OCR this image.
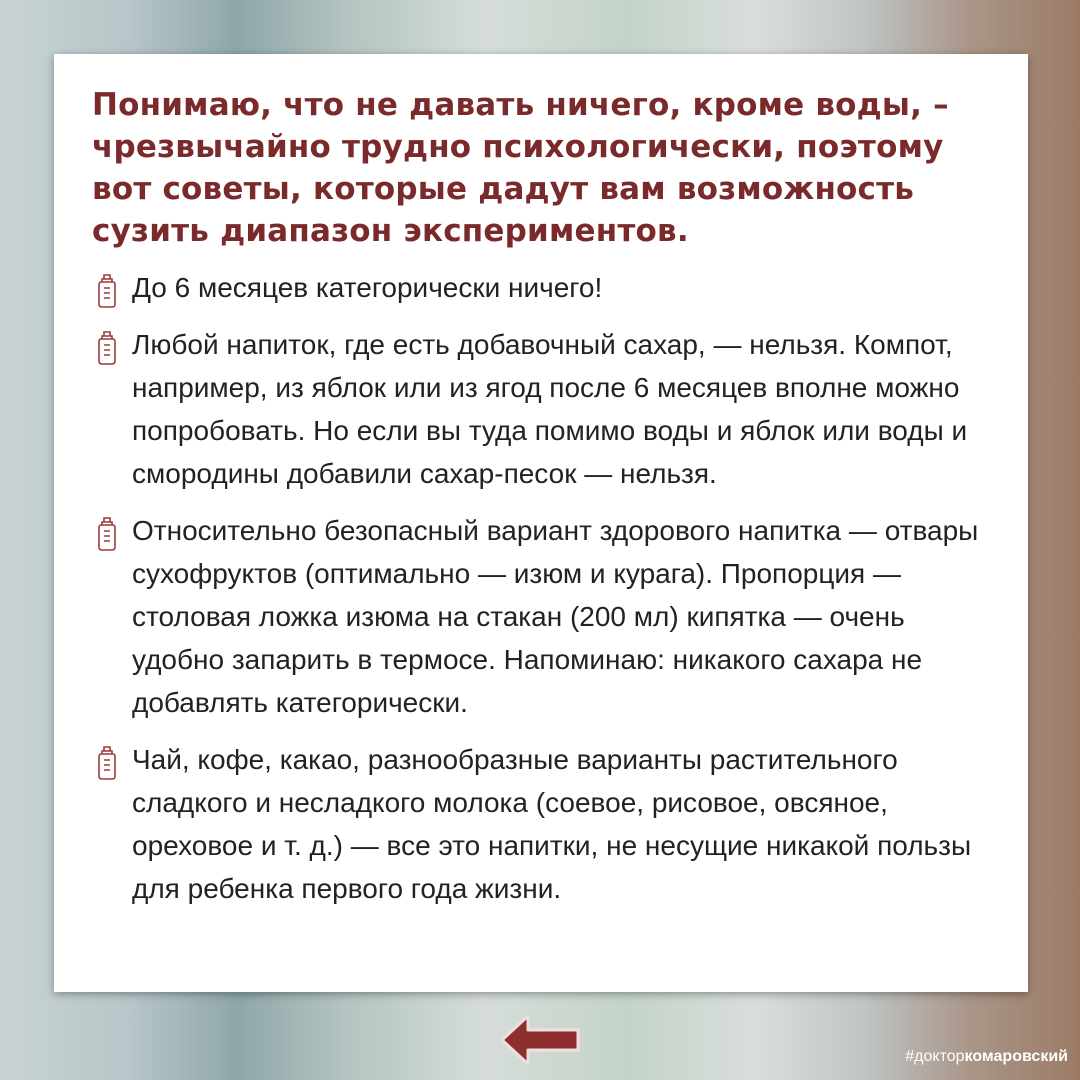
Понимаю, что не давать ничего, кроме воды, – чрезвычайно трудно психологически, поэтому вот советы, которые дадут вам возможность сузить диапазон экспериментов.
До 6 месяцев категорически ничего!
Любой напиток, где есть добавочный сахар, — нельзя. Компот, например, из яблок или из ягод после 6 месяцев вполне можно попробовать. Но если вы туда помимо воды и яблок или воды и смородины добавили сахар-песок — нельзя.
Относительно безопасный вариант здорового напитка — отвары сухофруктов (оптимально — изюм и курага). Пропорция — столовая ложка изюма на стакан (200 мл) кипятка — очень удобно запарить в термосе. Напоминаю: никакого сахара не добавлять категорически.
Чай, кофе, какао, разнообразные варианты растительного сладкого и несладкого молока (соевое, рисовое, овсяное, ореховое и т. д.) — все это напитки, не несущие никакой пользы для ребенка первого года жизни.
#докторкомаровский
